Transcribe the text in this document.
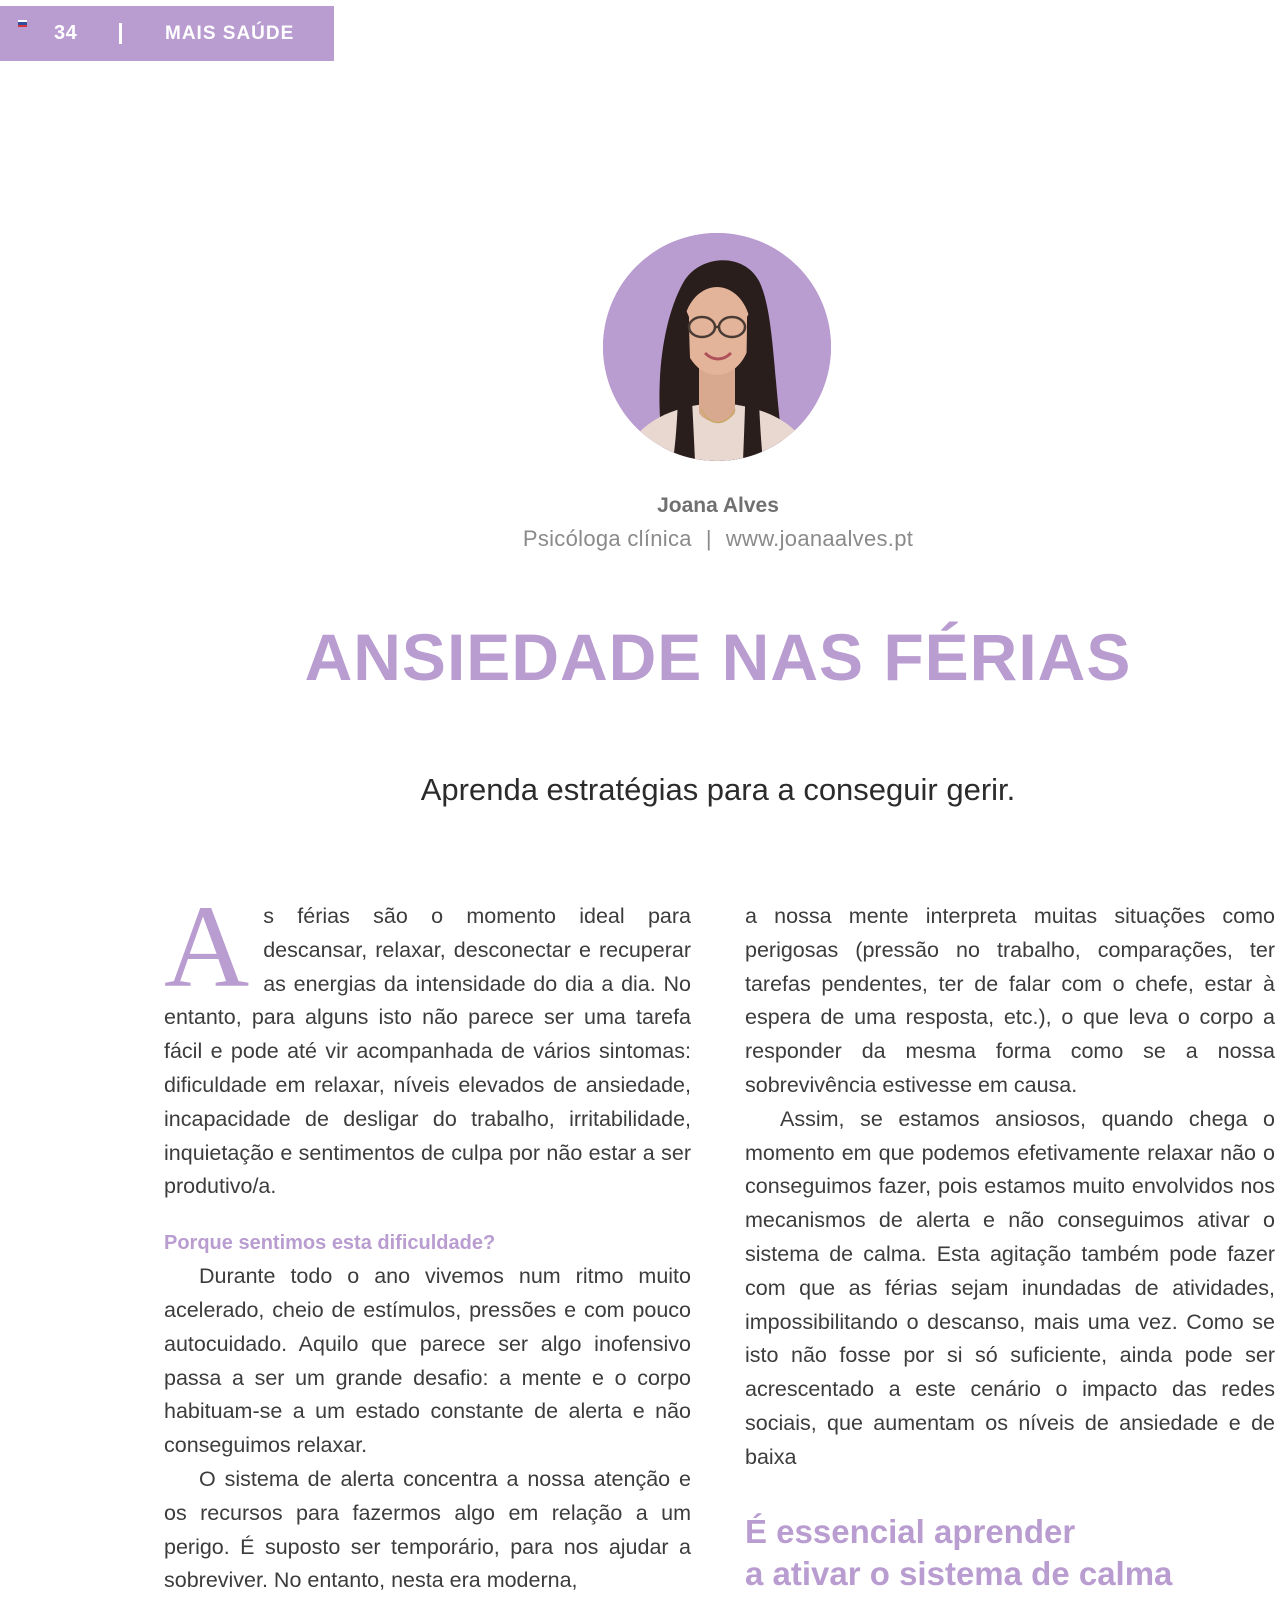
34	MAIS SAÚDE
Joana Alves
Psicóloga clínica | www.joanaalves.pt
ANSIEDADE NAS FÉRIAS
Aprenda estratégias para a conseguir gerir.

As férias são o momento ideal para descansar, relaxar, desconectar e recuperar as energias da intensidade do dia a dia. No entanto, para alguns isto não parece ser uma tarefa fácil e pode até vir acompanhada de vários sintomas: dificuldade em relaxar, níveis elevados de ansiedade, incapacidade de desligar do trabalho, irritabilidade, inquietação e sentimentos de culpa por não estar a ser produtivo/a.

Porque sentimos esta dificuldade?

Durante todo o ano vivemos num ritmo muito acelerado, cheio de estímulos, pressões e com pouco autocuidado. Aquilo que parece ser algo inofensivo passa a ser um grande desafio: a mente e o corpo habituam-se a um estado constante de alerta e não conseguimos relaxar.

O sistema de alerta concentra a nossa atenção e os recursos para fazermos algo em relação a um perigo. É suposto ser temporário, para nos ajudar a sobreviver. No entanto, nesta era moderna,

a nossa mente interpreta muitas situações como perigosas (pressão no trabalho, comparações, ter tarefas pendentes, ter de falar com o chefe, estar à espera de uma resposta, etc.), o que leva o corpo a responder da mesma forma como se a nossa sobrevivência estivesse em causa.

Assim, se estamos ansiosos, quando chega o momento em que podemos efetivamente relaxar não o conseguimos fazer, pois estamos muito envolvidos nos mecanismos de alerta e não conseguimos ativar o sistema de calma. Esta agitação também pode fazer com que as férias sejam inundadas de atividades, impossibilitando o descanso, mais uma vez. Como se isto não fosse por si só suficiente, ainda pode ser acrescentado a este cenário o impacto das redes sociais, que aumentam os níveis de ansiedade e de baixa

É essencial aprender
a ativar o sistema de calma
